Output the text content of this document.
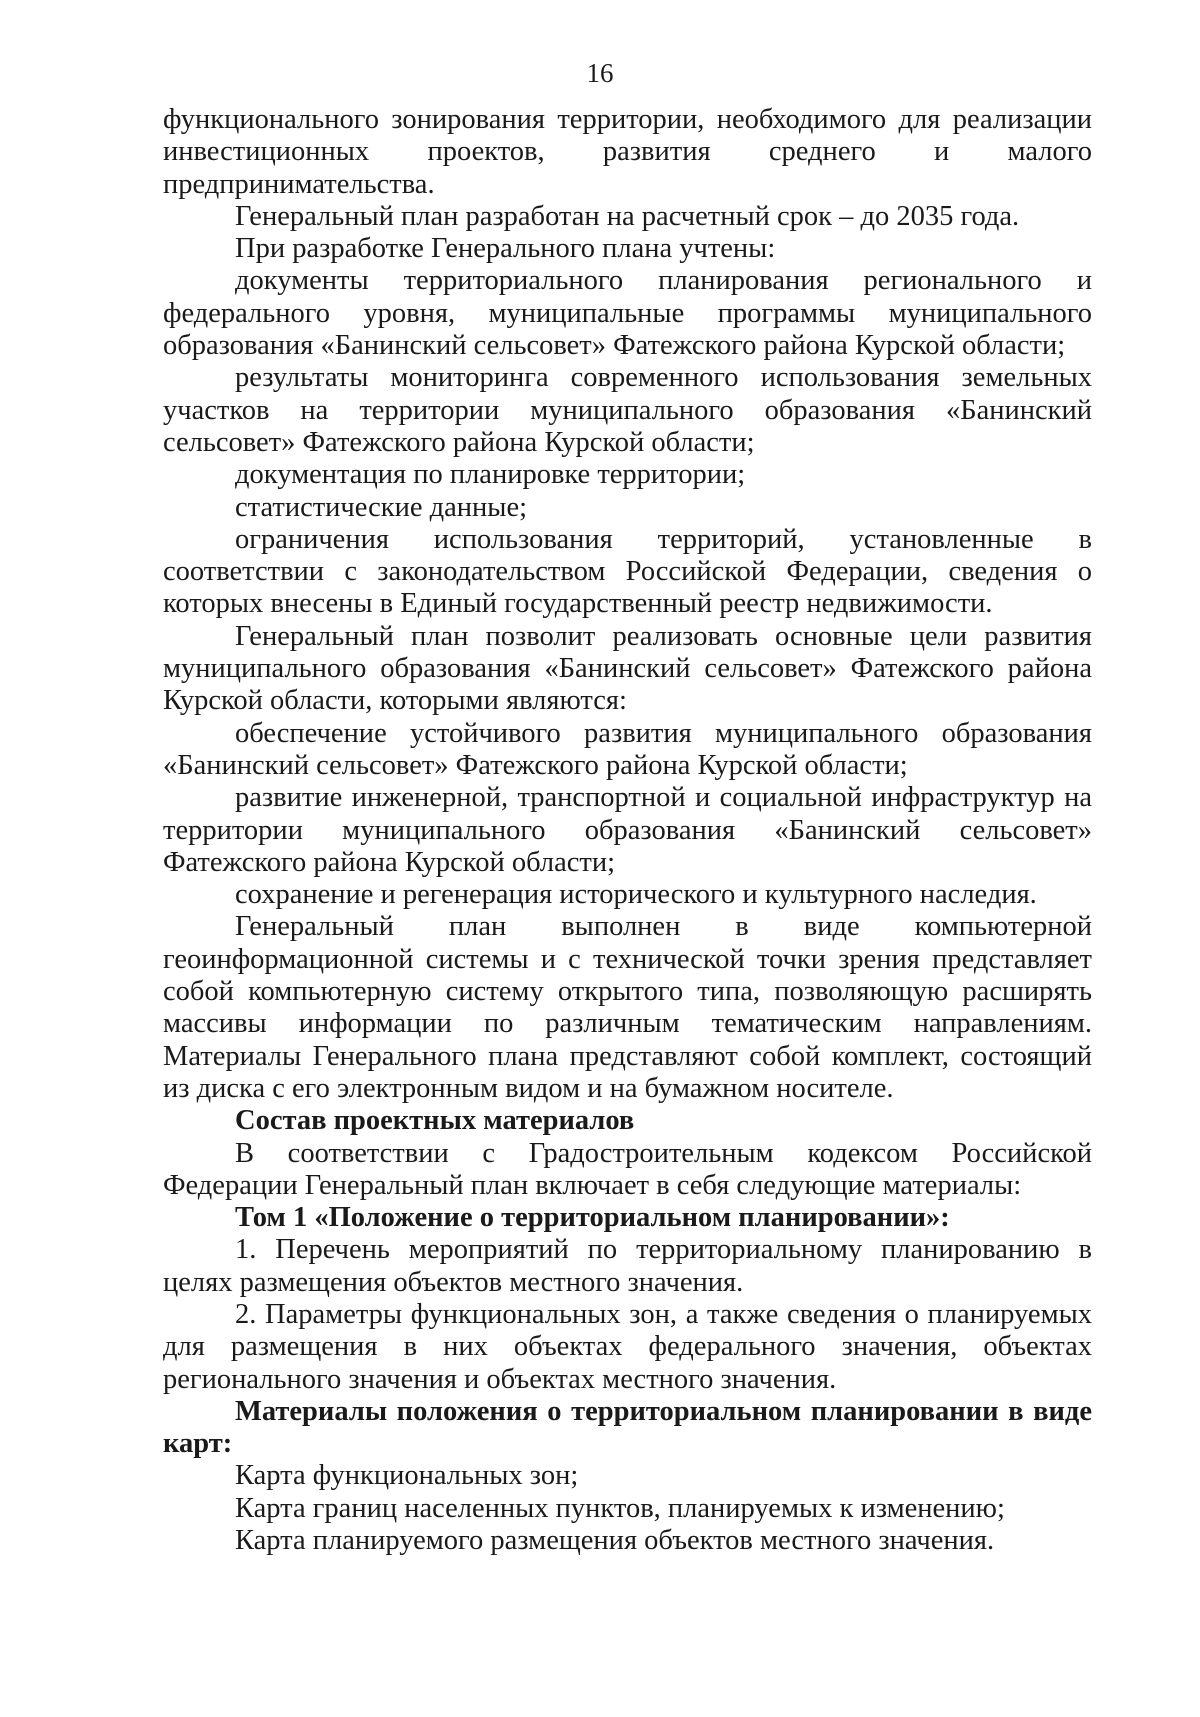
16

функционального зонирования территории, необходимого для реализации инвестиционных проектов, развития среднего и малого предпринимательства.

Генеральный план разработан на расчетный срок – до 2035 года.

При разработке Генерального плана учтены:

документы территориального планирования регионального и федерального уровня, муниципальные программы муниципального образования «Банинский сельсовет» Фатежского района Курской области;

результаты мониторинга современного использования земельных участков на территории муниципального образования «Банинский сельсовет» Фатежского района Курской области;

документация по планировке территории;

статистические данные;

ограничения использования территорий, установленные в соответствии с законодательством Российской Федерации, сведения о которых внесены в Единый государственный реестр недвижимости.

Генеральный план позволит реализовать основные цели развития муниципального образования «Банинский сельсовет» Фатежского района Курской области, которыми являются:

обеспечение устойчивого развития муниципального образования «Банинский сельсовет» Фатежского района Курской области;

развитие инженерной, транспортной и социальной инфраструктур на территории муниципального образования «Банинский сельсовет» Фатежского района Курской области;

сохранение и регенерация исторического и культурного наследия.

Генеральный план выполнен в виде компьютерной геоинформационной системы и с технической точки зрения представляет собой компьютерную систему открытого типа, позволяющую расширять массивы информации по различным тематическим направлениям. Материалы Генерального плана представляют собой комплект, состоящий из диска с его электронным видом и на бумажном носителе.

Состав проектных материалов

В соответствии с Градостроительным кодексом Российской Федерации Генеральный план включает в себя следующие материалы:

Том 1 «Положение о территориальном планировании»:

1. Перечень мероприятий по территориальному планированию в целях размещения объектов местного значения.

2. Параметры функциональных зон, а также сведения о планируемых для размещения в них объектах федерального значения, объектах регионального значения и объектах местного значения.

Материалы положения о территориальном планировании в виде карт:

Карта функциональных зон;

Карта границ населенных пунктов, планируемых к изменению;

Карта планируемого размещения объектов местного значения.
